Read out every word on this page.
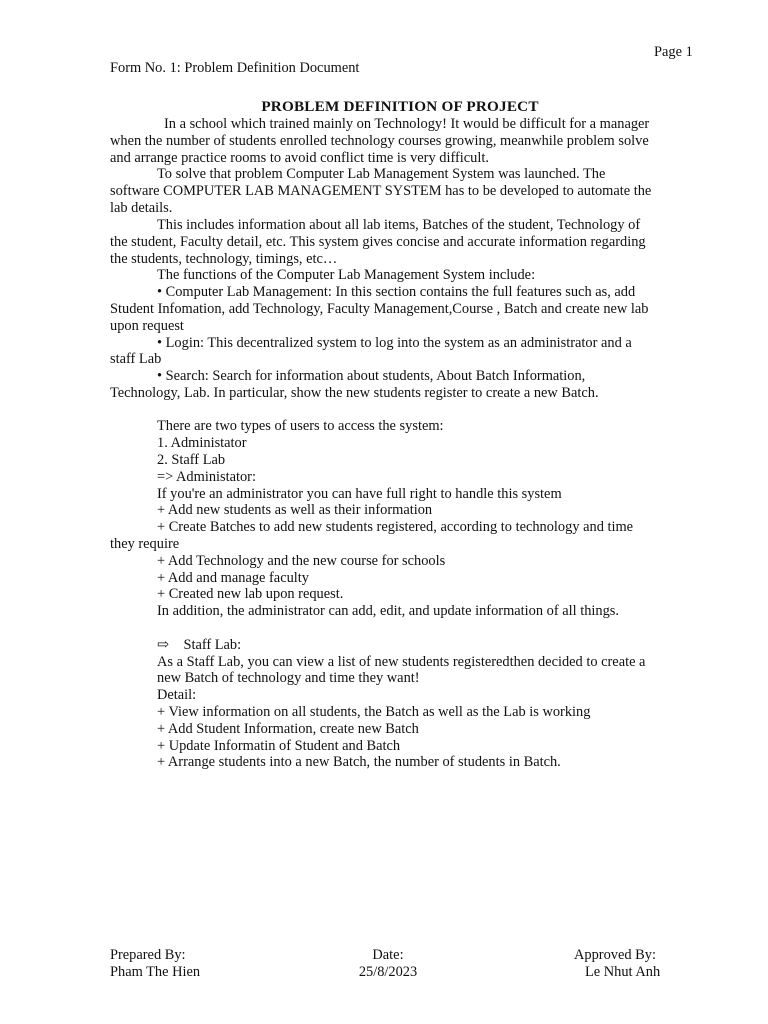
Page 1
Form No. 1: Problem Definition Document
PROBLEM DEFINITION OF PROJECT
In a school which trained mainly on Technology! It would be difficult for a manager
when the number of students enrolled technology courses growing, meanwhile problem solve
and arrange practice rooms to avoid conflict time is very difficult.
To solve that problem Computer Lab Management System was launched. The
software COMPUTER LAB MANAGEMENT SYSTEM has to be developed to automate the
lab details.
This includes information about all lab items, Batches of the student, Technology of
the student, Faculty detail, etc. This system gives concise and accurate information regarding
the students, technology, timings, etc…
The functions of the Computer Lab Management System include:
• Computer Lab Management: In this section contains the full features such as, add
Student Infomation, add Technology, Faculty Management,Course , Batch and create new lab
upon request
• Login: This decentralized system to log into the system as an administrator and a
staff Lab
• Search: Search for information about students, About Batch Information,
Technology, Lab. In particular, show the new students register to create a new Batch.
There are two types of users to access the system:
1. Administator
2. Staff Lab
=> Administator:
If you're an administrator you can have full right to handle this system
+ Add new students as well as their information
+ Create Batches to add new students registered, according to technology and time
they require
+ Add Technology and the new course for schools
+ Add and manage faculty
+ Created new lab upon request.
In addition, the administrator can add, edit, and update information of all things.
⇨    Staff Lab:
As a Staff Lab, you can view a list of new students registeredthen decided to create a
new Batch of technology and time they want!
Detail:
+ View information on all students, the Batch as well as the Lab is working
+ Add Student Information, create new Batch
+ Update Informatin of Student and Batch
+ Arrange students into a new Batch, the number of students in Batch.
Prepared By:
Pham The Hien
Date:
25/8/2023
Approved By:
Le Nhut Anh
